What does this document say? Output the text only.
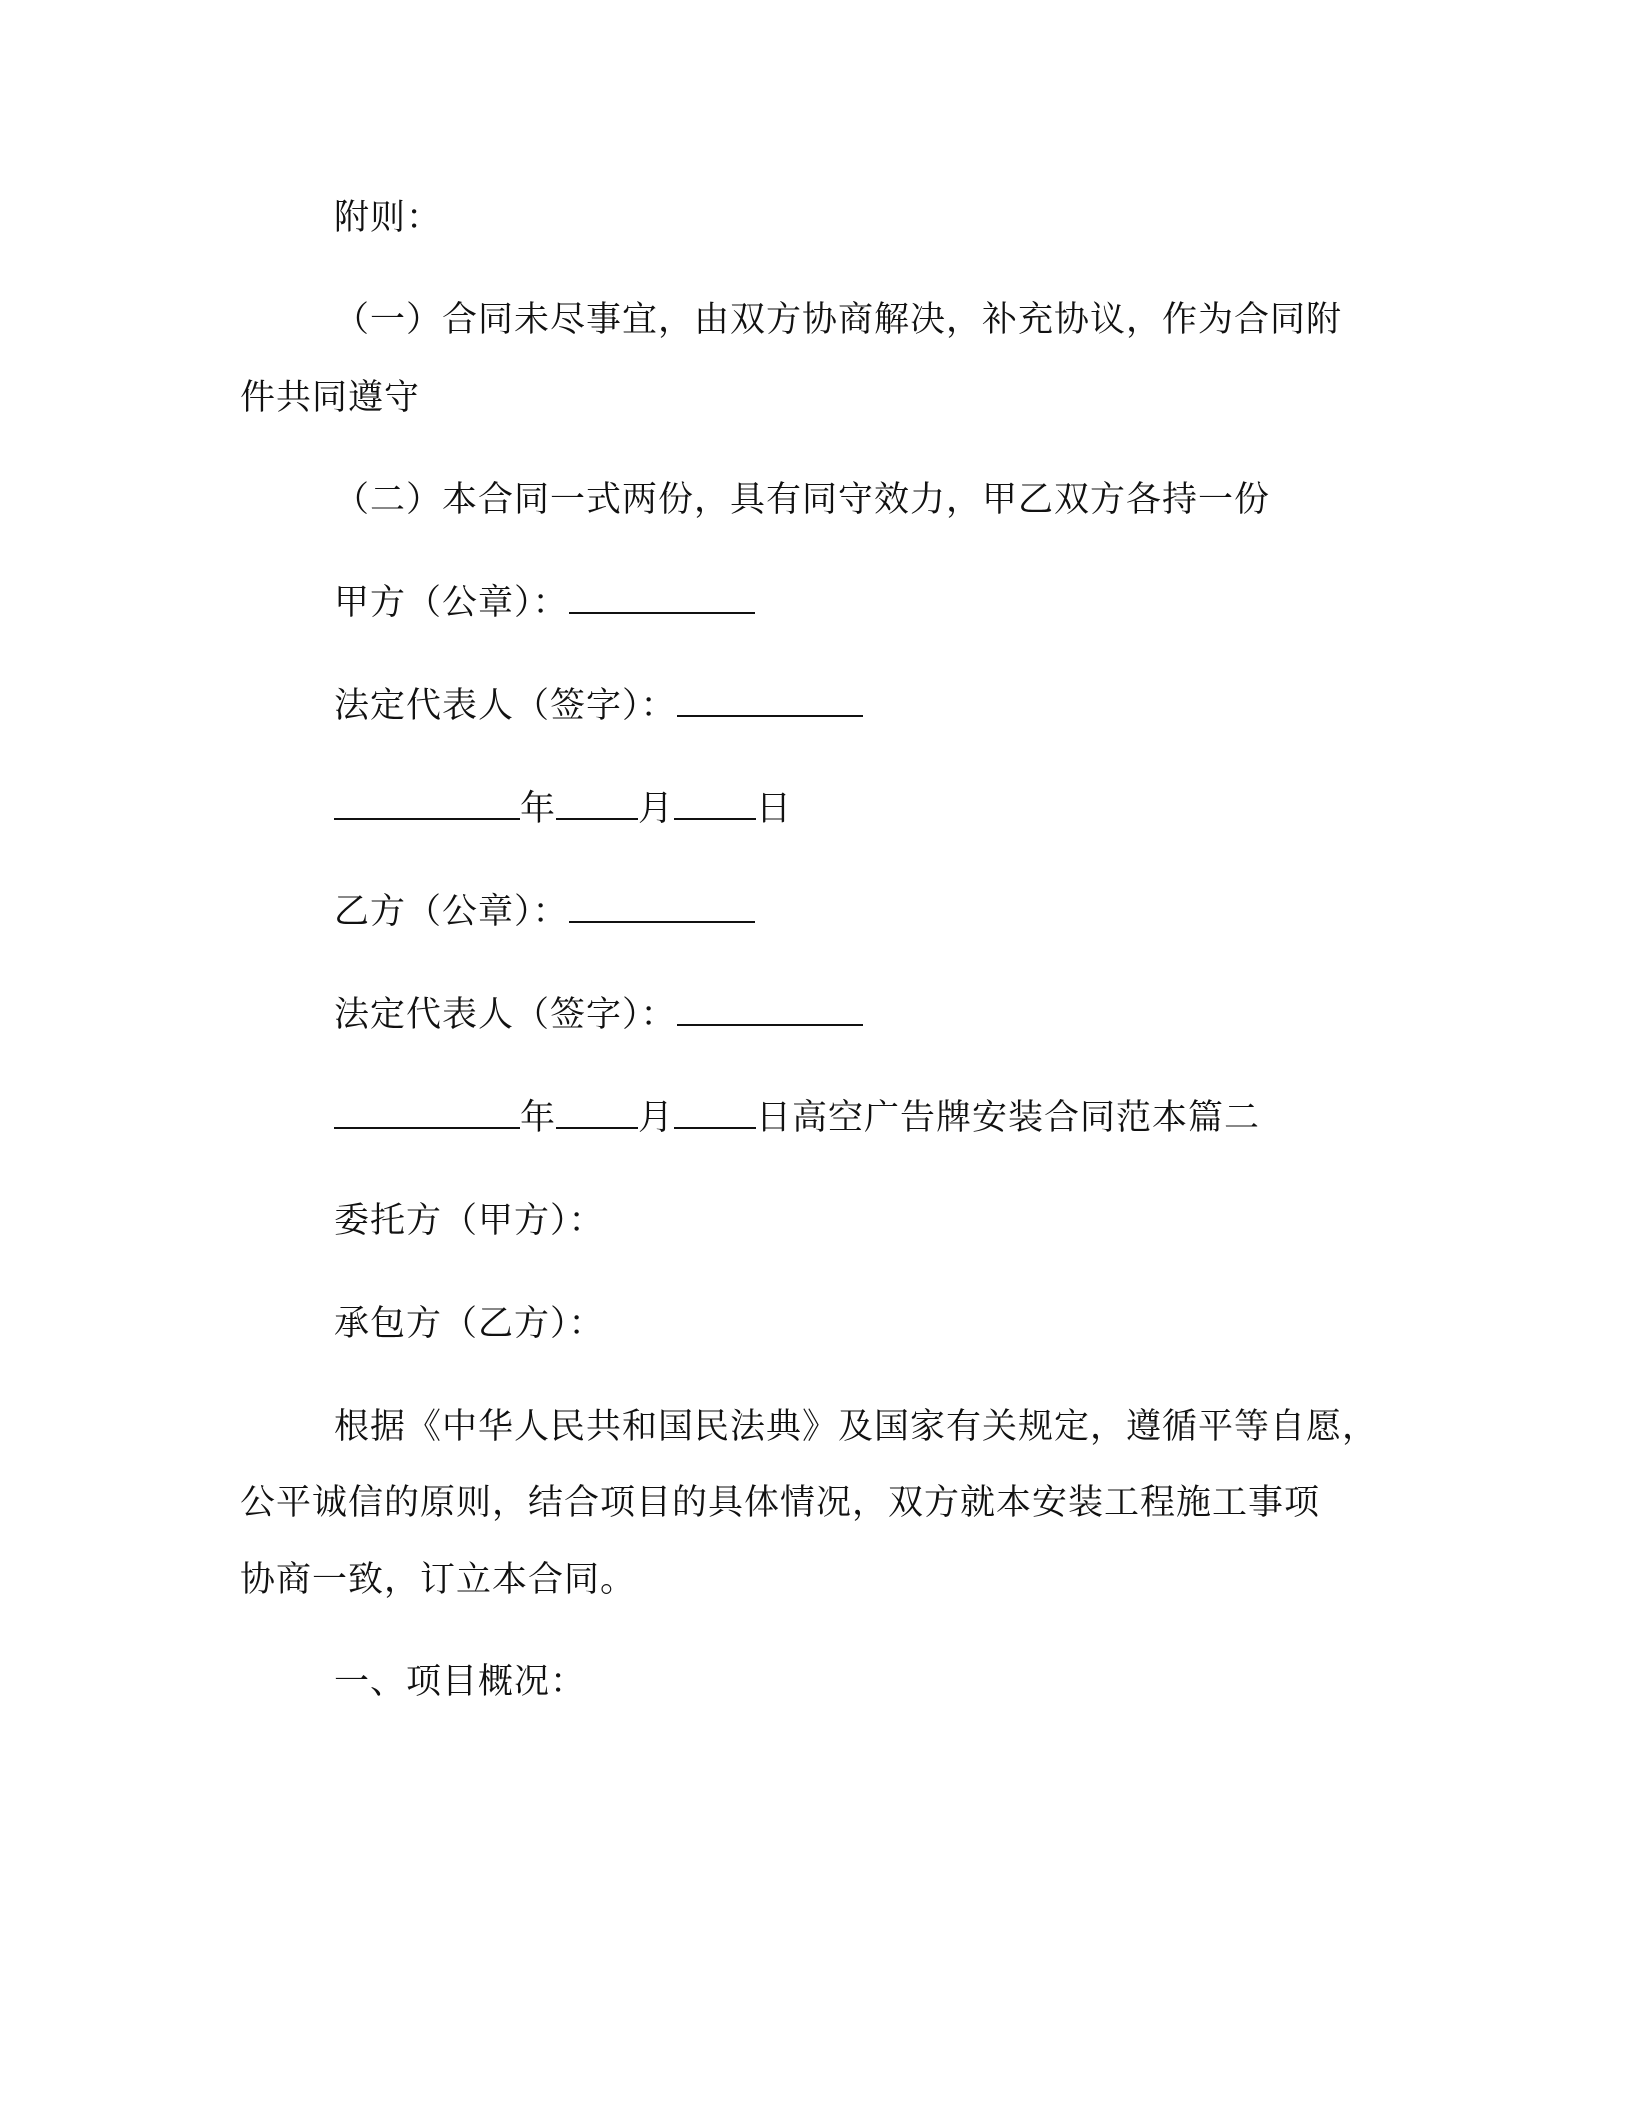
附则：
（一）合同未尽事宜，由双方协商解决，补充协议，作为合同附
件共同遵守
（二）本合同一式两份，具有同守效力，甲乙双方各持一份
甲方（公章）：
法定代表人（签字）：
年 月 日
乙方（公章）：
法定代表人（签字）：
年 月 日高空广告牌安装合同范本篇二
委托方（甲方）：
承包方（乙方）：
根据《中华人民共和国民法典》及国家有关规定，遵循平等自愿，
公平诚信的原则，结合项目的具体情况，双方就本安装工程施工事项
协商一致，订立本合同。
一、项目概况：
